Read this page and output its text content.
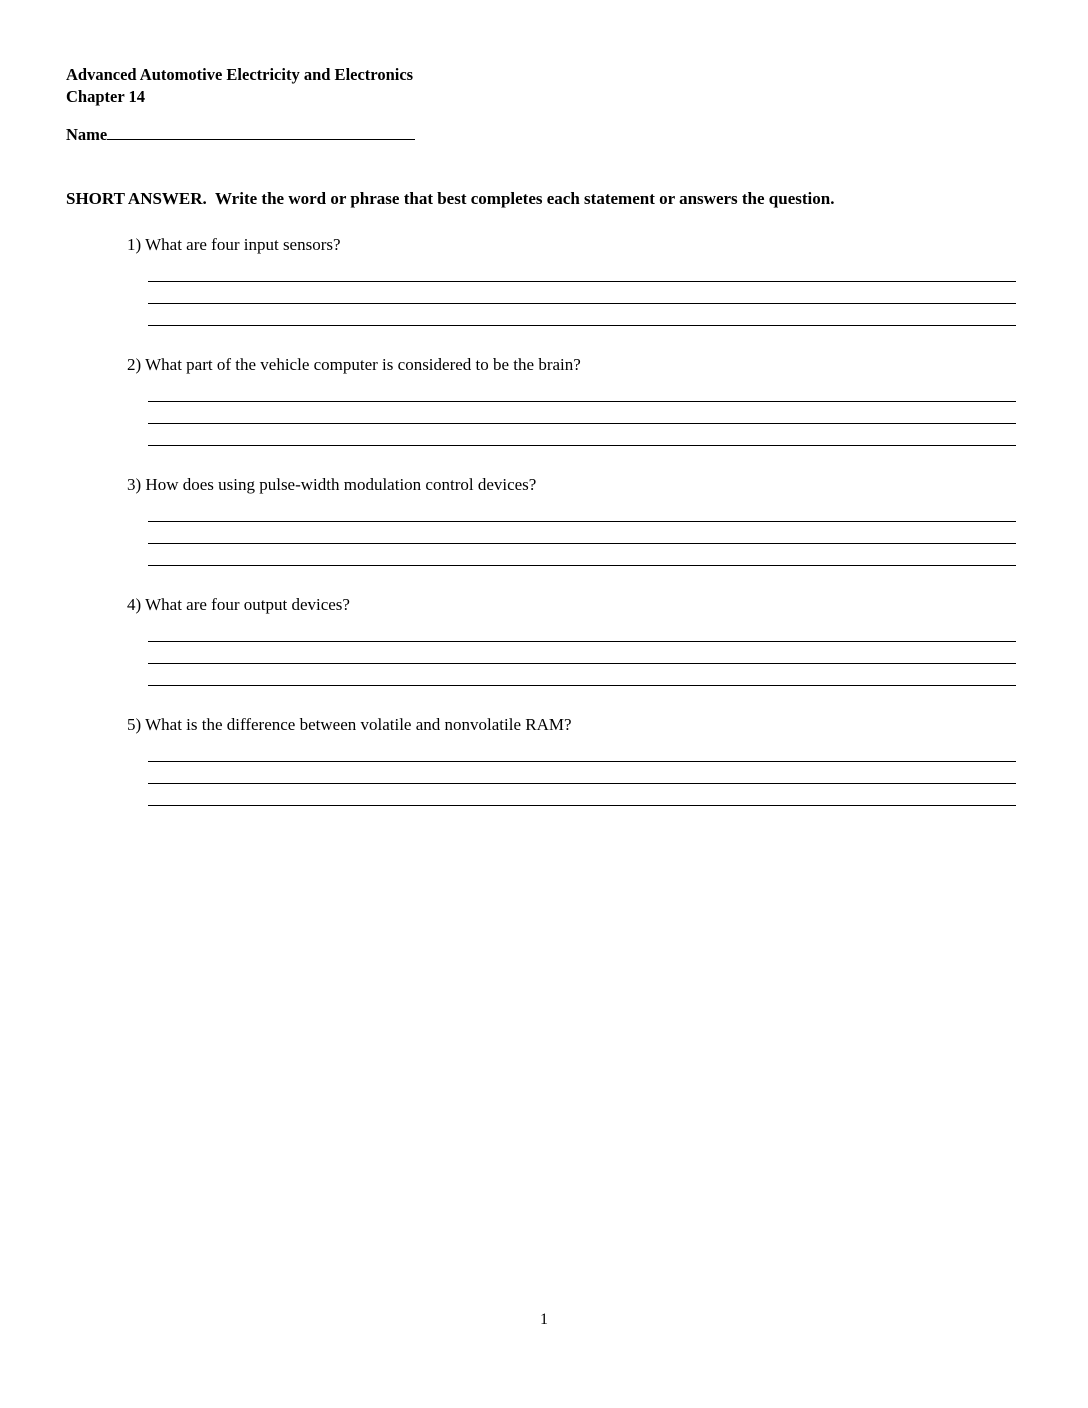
Advanced Automotive Electricity and Electronics
Chapter 14
Name
SHORT ANSWER.  Write the word or phrase that best completes each statement or answers the question.
1) What are four input sensors?
2) What part of the vehicle computer is considered to be the brain?
3) How does using pulse-width modulation control devices?
4) What are four output devices?
5) What is the difference between volatile and nonvolatile RAM?
1
